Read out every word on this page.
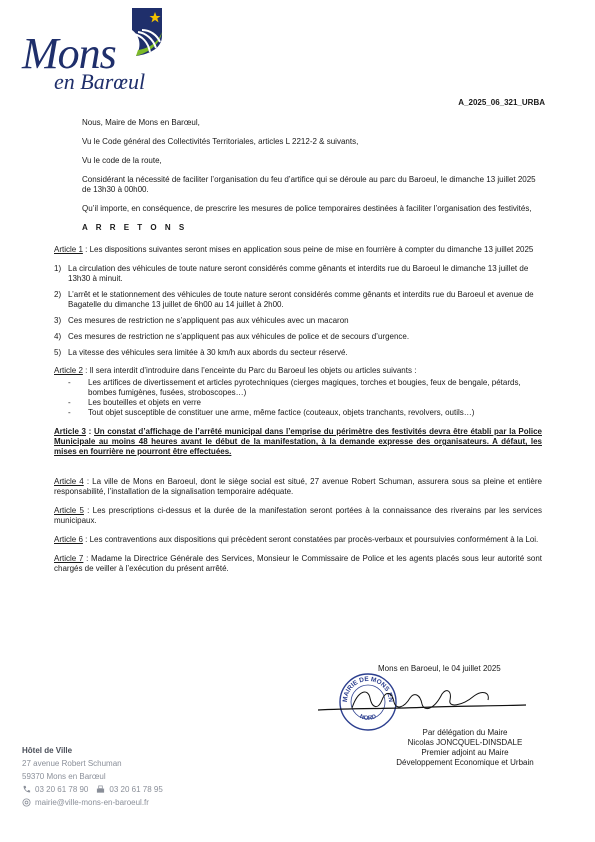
Mons
en Barœul
A_2025_06_321_URBA
Nous, Maire de Mons en Barœul,
Vu le Code général des Collectivités Territoriales, articles L 2212-2 & suivants,
Vu le code de la route,
Considérant la nécessité de faciliter l’organisation du feu d’artifice qui se déroule au parc du Baroeul, le dimanche 13 juillet 2025 de 13h30 à 00h00.
Qu’il importe, en conséquence, de prescrire les mesures de police temporaires destinées à faciliter l’organisation des festivités,
A R R E T O N S
Article 1 : Les dispositions suivantes seront mises en application sous peine de mise en fourrière à compter du dimanche 13 juillet 2025
1) La circulation des véhicules de toute nature seront considérés comme gênants et interdits rue du Baroeul le dimanche 13 juillet de 13h30 à minuit.
2) L’arrêt et le stationnement des véhicules de toute nature seront considérés comme gênants et interdits rue du Baroeul et avenue de Bagatelle du dimanche 13 juillet de 6h00 au 14 juillet à 2h00.
3) Ces mesures de restriction ne s’appliquent pas aux véhicules avec un macaron
4) Ces mesures de restriction ne s’appliquent pas aux véhicules de police et de secours d’urgence.
5) La vitesse des véhicules sera limitée à 30 km/h aux abords du secteur réservé.
Article 2 : Il sera interdit d’introduire dans l’enceinte du Parc du Baroeul les objets ou articles suivants :
- Les artifices de divertissement et articles pyrotechniques (cierges magiques, torches et bougies, feux de bengale, pétards, bombes fumigènes, fusées, stroboscopes…)
- Les bouteilles et objets en verre
- Tout objet susceptible de constituer une arme, même factice (couteaux, objets tranchants, revolvers, outils…)
Article 3 : Un constat d’affichage de l’arrêté municipal dans l’emprise du périmètre des festivités devra être établi par la Police Municipale au moins 48 heures avant le début de la manifestation, à la demande expresse des organisateurs. A défaut, les mises en fourrière ne pourront être effectuées.
Article 4 : La ville de Mons en Baroeul, dont le siège social est situé, 27 avenue Robert Schuman, assurera sous sa pleine et entière responsabilité, l’installation de la signalisation temporaire adéquate.
Article 5 : Les prescriptions ci-dessus et la durée de la manifestation seront portées à la connaissance des riverains par les services municipaux.
Article 6 : Les contraventions aux dispositions qui précèdent seront constatées par procès-verbaux et poursuivies conformément à la Loi.
Article 7 : Madame la Directrice Générale des Services, Monsieur le Commissaire de Police et les agents placés sous leur autorité sont chargés de veiller à l’exécution du présent arrêté.
Mons en Baroeul, le 04 juillet 2025
MAIRIE DE MONS EN
NORD
Par délégation du Maire
Nicolas JONCQUEL-DINSDALE
Premier adjoint au Maire
Développement Economique et Urbain
Hôtel de Ville
27 avenue Robert Schuman
59370 Mons en Barœul
03 20 61 78 90	03 20 61 78 95
mairie@ville-mons-en-baroeul.fr
